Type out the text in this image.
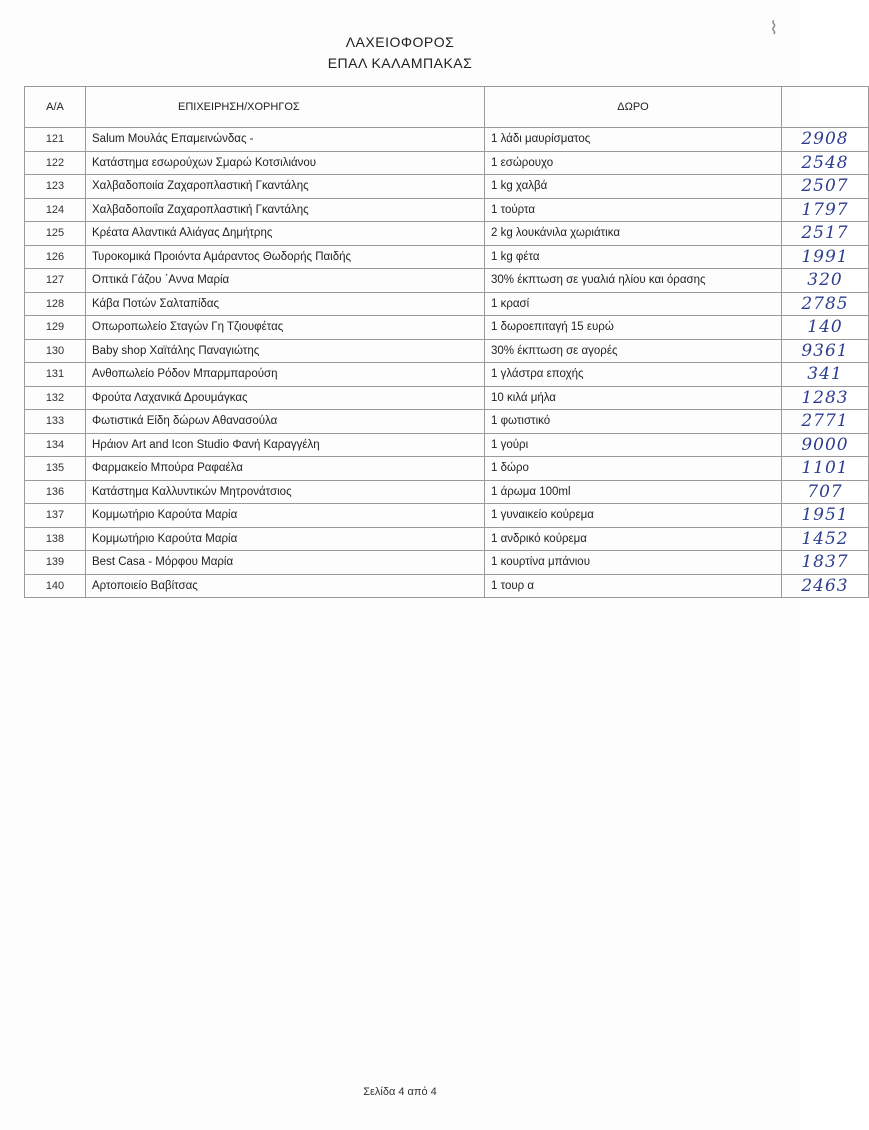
⌇
ΛΑΧΕΙΟΦΟΡΟΣ
ΕΠΑΛ ΚΑΛΑΜΠΑΚΑΣ
Α/Α	ΕΠΙΧΕΙΡΗΣΗ/ΧΟΡΗΓΟΣ	ΔΩΡΟ	
121	Salum Μουλάς Επαμεινώνδας -	1 λάδι μαυρίσματος	2908
122	Κατάστημα εσωρούχων Σμαρώ Κοτσιλιάνου	1 εσώρουχο	2548
123	Χαλβαδοποιία Ζαχαροπλαστική Γκαντάλης	1 kg χαλβά	2507
124	Χαλβαδοποιΐα Ζαχαροπλαστική Γκαντάλης	1 τούρτα	1797
125	Κρέατα Αλαντικά Αλιάγας Δημήτρης	2 kg λουκάνιλα χωριάτικα	2517
126	Τυροκομικά Προιόντα Αμάραντος Θωδορής Παιδής	1 kg φέτα	1991
127	Οπτικά Γάζου ΄Αννα Μαρία	30% έκπτωση σε γυαλιά ηλίου και όρασης	320
128	Κάβα Ποτών Σαλταπίδας	1 κρασί	2785
129	Οπωροπωλείο Σταγών Γη Τζιουφέτας	1 δωροεπιταγή 15 ευρώ	140
130	Baby shop Χαϊτάλης Παναγιώτης	30% έκπτωση σε αγορές	9361
131	Ανθοπωλείο Ρόδον Μπαρμπαρούση	1 γλάστρα εποχής	341
132	Φρούτα Λαχανικά Δρουμάγκας	10 κιλά μήλα	1283
133	Φωτιστικά Είδη δώρων Αθανασούλα	1 φωτιστικό	2771
134	Ηράιον Art and Icon Studio Φανή Καραγγέλη	1 γούρι	9000
135	Φαρμακείο Μπούρα Ραφαέλα	1 δώρο	1101
136	Κατάστημα Καλλυντικών Μητρονάτσιος	1 άρωμα 100ml	707
137	Κομμωτήριο Καρούτα Μαρία	1 γυναικείο κούρεμα	1951
138	Κομμωτήριο Καρούτα Μαρία	1 ανδρικό κούρεμα	1452
139	Best Casa - Μόρφου Μαρία	1 κουρτίνα μπάνιου	1837
140	Αρτοποιείο Βαβίτσας	1 τουρ α	2463
Σελίδα 4 από 4
